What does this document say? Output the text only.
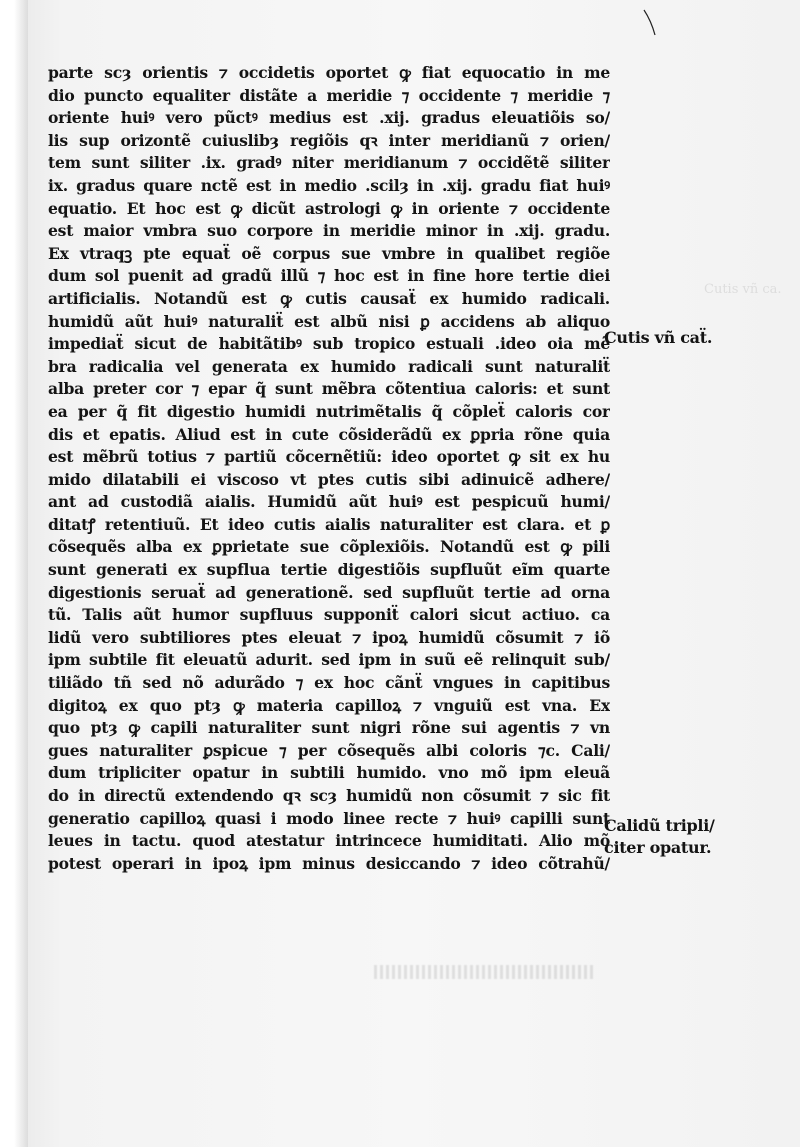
Cutis vñ ca.
parte scȝ orientis ⁊ occidetis oportet ꝙ fiat equocatio in me
dio puncto equaliter distãte a meridie ⁊ occidente ⁊ meridie ⁊
oriente huiꝰ vero pũctꝰ medius est .xij. gradus eleuatiõis so/
lis sup orizontẽ cuiuslibȝ regiõis qꝛ inter meridianũ ⁊ orien/
tem sunt siliter .ix. gradꝰ niter meridianum ⁊ occidẽtẽ siliter
ix. gradus quare nctẽ est in medio .scilȝ in .xij. gradu fiat huiꝰ
equatio. Et hoc est ꝙ dicũt astrologi ꝙ in oriente ⁊ occidente
est maior vmbra suo corpore in meridie minor in .xij. gradu.
Ex vtraqꝫ pte equaẗ oẽ corpus sue vmbre in qualibet regiõe
dum sol puenit ad gradũ illũ ⁊ hoc est in fine hore tertie diei
artificialis. Notandũ est ꝙ cutis causaẗ ex humido radicali.
humidũ aũt huiꝰ naturaliẗ est albũ nisi ꝑ accidens ab aliquo
impediaẗ sicut de habitãtibꝰ sub tropico estuali .ideo oia mẽ
bra radicalia vel generata ex humido radicali sunt naturaliẗ
alba preter cor ⁊ epar q̃ sunt mẽbra cõtentiua caloris: et sunt
ea per q̃ fit digestio humidi nutrimẽtalis q̃ cõpleẗ caloris cor
dis et epatis. Aliud est in cute cõsiderãdũ ex ꝑpria rõne quia
est mẽbrũ totius ⁊ partiũ cõcernẽtiũ: ideo oportet ꝙ sit ex hu
mido dilatabili ei viscoso vt ptes cutis sibi adinuicẽ adhere/
ant ad custodiã aialis. Humidũ aũt huiꝰ est pespicuũ humi/
ditatꝭ retentiuũ. Et ideo cutis aialis naturaliter est clara. et ꝑ
cõsequẽs alba ex ꝑprietate sue cõplexiõis. Notandũ est ꝙ pili
sunt generati ex supflua tertie digestiõis supfluũt eĩm quarte
digestionis seruaẗ ad generationẽ. sed supfluũt tertie ad orna
tũ. Talis aũt humor supfluus supponiẗ calori sicut actiuo. ca
lidũ vero subtiliores ptes eleuat ⁊ ipoꝝ humidũ cõsumit ⁊ iõ
ipm subtile fit eleuatũ adurit. sed ipm in suũ eẽ relinquit sub/
tiliãdo tñ sed nõ adurãdo ⁊ ex hoc cãnẗ vngues in capitibus
digitoꝝ ex quo ptȝ ꝙ materia capilloꝝ ⁊ vnguiũ est vna. Ex
quo ptȝ ꝙ capili naturaliter sunt nigri rõne sui agentis ⁊ vn
gues naturaliter ꝑspicue ⁊ per cõsequẽs albi coloris ⁊c. Cali/
dum tripliciter opatur in subtili humido. vno mõ ipm eleuã
do in directũ extendendo qꝛ scȝ humidũ non cõsumit ⁊ sic fit
generatio capilloꝝ quasi i modo linee recte ⁊ huiꝰ capilli sunt
leues in tactu. quod atestatur intrincece humiditati. Alio mõ
potest operari in ipoꝝ ipm minus desiccando ⁊ ideo cõtrahũ/
Cutis vñ caẗ.
Calidũ tripli/
citer opatur.
